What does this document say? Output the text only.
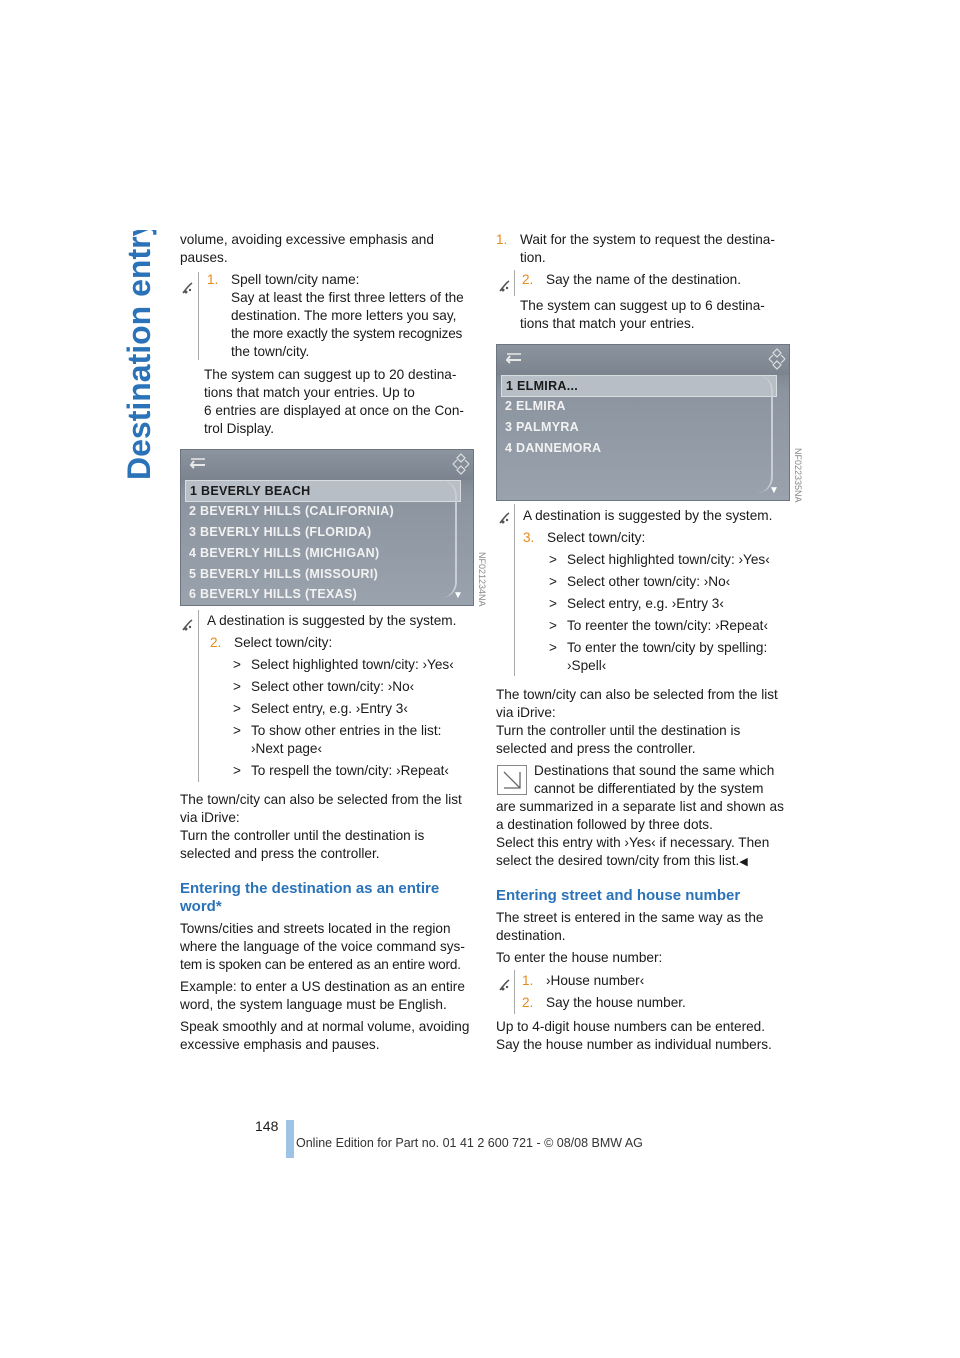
Destination entry volume, avoiding excessive emphasis and

pauses.

1. Spell town/city name:

Say at least the first three letters of the

destination. The more letters you say,

the more exactly the system recognizes

the town/city.

The system can suggest up to 20 destina-

tions that match your entries. Up to

6 entries are displayed at once on the Con-

trol Display.

1 BEVERLY BEACH
2 BEVERLY HILLS (CALIFORNIA)
3 BEVERLY HILLS (FLORIDA)
4 BEVERLY HILLS (MICHIGAN)
5 BEVERLY HILLS (MISSOURI)
6 BEVERLY HILLS (TEXAS)	▼ NF021234NA

A destination is suggested by the system.

2. Select town/city:

> Select highlighted town/city: ›Yes‹

> Select other town/city: ›No‹

> Select entry, e.g. ›Entry 3‹

> To show other entries in the list:

›Next page‹

> To respell the town/city: ›Repeat‹

The town/city can also be selected from the list

via iDrive:

Turn the controller until the destination is

selected and press the controller.

Entering the destination as an entire

word*

Towns/cities and streets located in the region

where the language of the voice command sys-

tem is spoken can be entered as an entire word.

Example: to enter a US destination as an entire

word, the system language must be English.

Speak smoothly and at normal volume, avoiding

excessive emphasis and pauses.

1. Wait for the system to request the destina-

tion.

2. Say the name of the destination.

The system can suggest up to 6 destina-

tions that match your entries.

1 ELMIRA...
2 ELMIRA
3 PALMYRA
4 DANNEMORA
▼ NF022335NA

A destination is suggested by the system.

3. Select town/city:

> Select highlighted town/city: ›Yes‹

> Select other town/city: ›No‹

> Select entry, e.g. ›Entry 3‹

> To reenter the town/city: ›Repeat‹

> To enter the town/city by spelling:

›Spell‹

The town/city can also be selected from the list

via iDrive:

Turn the controller until the destination is

selected and press the controller.

Destinations that sound the same which

cannot be differentiated by the system

are summarized in a separate list and shown as

a destination followed by three dots.

Select this entry with ›Yes‹ if necessary. Then

select the desired town/city from this list.◀

Entering street and house number

The street is entered in the same way as the

destination.

To enter the house number:

1. ›House number‹

2. Say the house number.

Up to 4-digit house numbers can be entered.

Say the house number as individual numbers.

148
Online Edition for Part no. 01 41 2 600 721 - © 08/08 BMW AG
